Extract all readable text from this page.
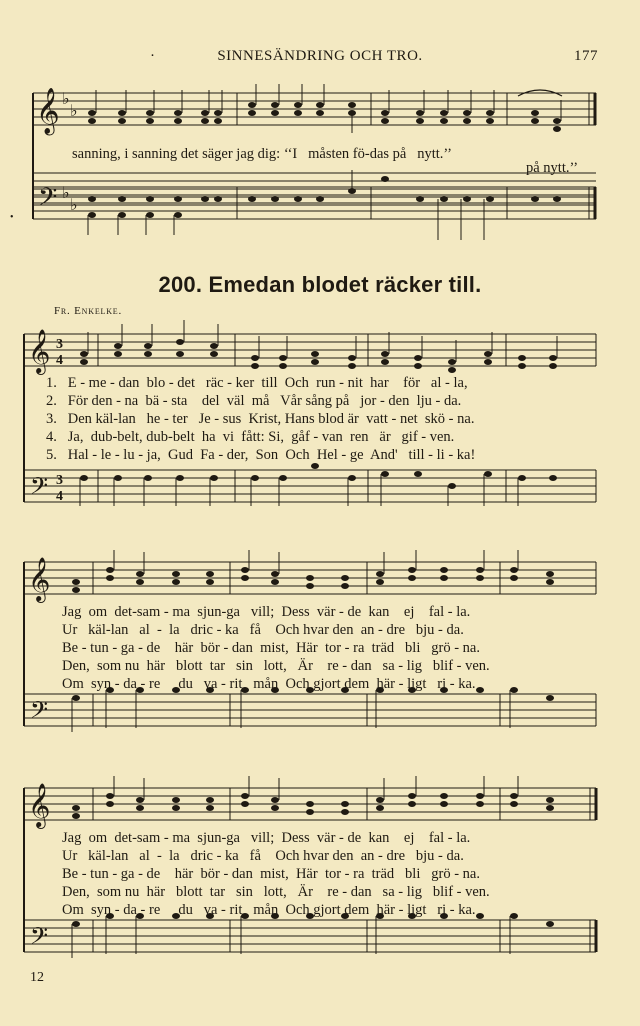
·	SINNESÄNDRING OCH TRO.	177
𝄞
𝄢
♭
♭
♭
♭
sanning, i sanning det säger jag dig: ‘‘I   måsten fö-das på   nytt.’’
på nytt.’’
•
200. Emedan blodet räcker till.
Fr. Enkelke.
𝄞
𝄢
3
4
3
4
1.   E - me - dan  blo - det   räc - ker  till  Och  run - nit  har    för   al - la,
2.   För den - na  bä - sta    del  väl  må   Vår sång på   jor - den  lju - da.
3.   Den käl-lan   he - ter   Je - sus  Krist, Hans blod är  vatt - net  skö - na.
4.   Ja,  dub-belt, dub-belt  ha  vi  fått: Si,  gåf - van  ren   är   gif - ven.
5.   Hal - le - lu - ja,  Gud  Fa - der,  Son  Och  Hel - ge  And'   till - li - ka!
𝄞
𝄢
Jag  om  det-sam - ma  sjun-ga   vill;  Dess  vär - de  kan    ej    fal - la.
Ur   käl-lan   al  -  la   dric - ka   få    Och hvar den  an - dre   bju - da.
Be - tun - ga - de    här  bör - dan  mist,  Här  tor - ra  träd   bli   grö - na.
Den,  som nu  här   blott  tar   sin   lott,   Är    re - dan   sa - lig   blif - ven.
Om  syn - da - re     du   va - rit   mån  Och gjort dem  här - ligt   ri - ka.
𝄞
𝄢
Jag  om  det-sam - ma  sjun-ga   vill;  Dess  vär - de  kan    ej    fal - la.
Ur   käl-lan   al  -  la   dric - ka   få    Och hvar den  an - dre   bju - da.
Be - tun - ga - de    här  bör - dan  mist,  Här  tor - ra  träd   bli   grö - na.
Den,  som nu  här   blott  tar   sin   lott,   Är    re - dan   sa - lig   blif - ven.
Om  syn - da - re     du   va - rit   mån  Och gjort dem  här - ligt   ri - ka.
12
